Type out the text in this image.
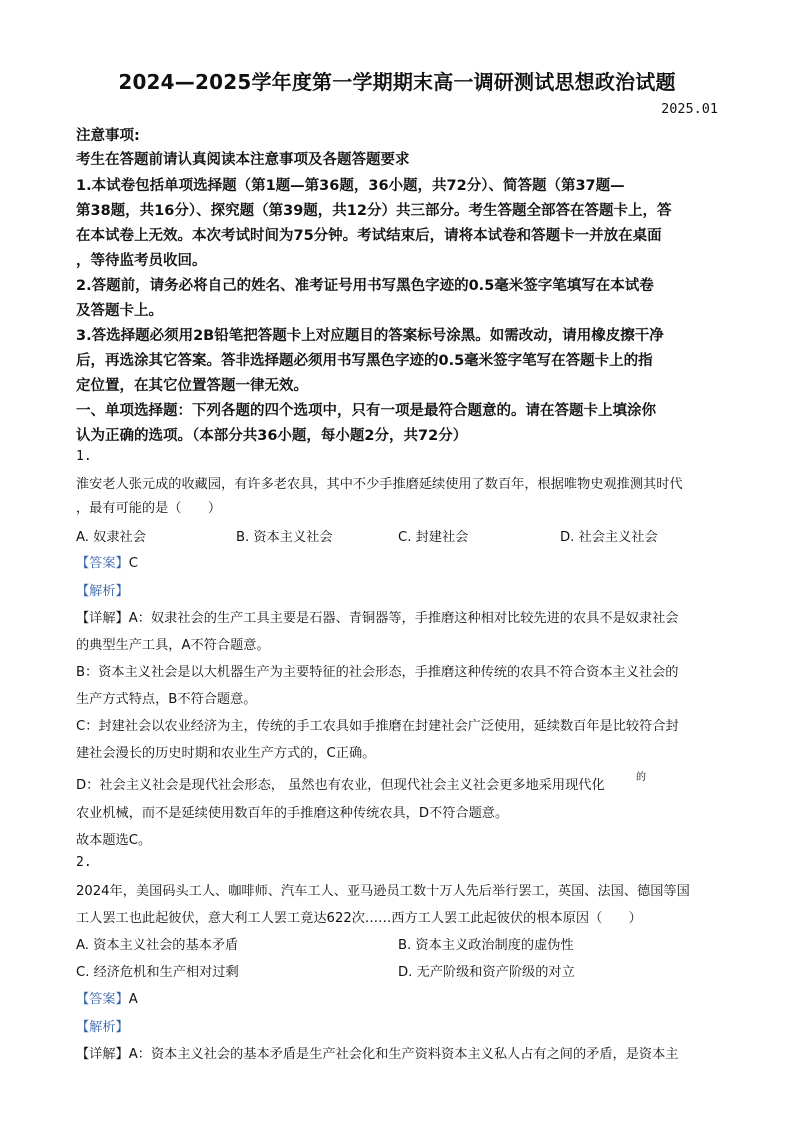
2024—2025学年度第一学期期末高一调研测试思想政治试题
2025.01
注意事项:
考生在答题前请认真阅读本注意事项及各题答题要求
1.本试卷包括单项选择题（第1题—第36题，36小题，共72分）、简答题（第37题—
第38题，共16分）、探究题（第39题，共12分）共三部分。考生答题全部答在答题卡上，答
在本试卷上无效。本次考试时间为75分钟。考试结束后，请将本试卷和答题卡一并放在桌面
，等待监考员收回。
2.答题前，请务必将自己的姓名、准考证号用书写黑色字迹的0.5毫米签字笔填写在本试卷
及答题卡上。
3.答选择题必须用2B铅笔把答题卡上对应题目的答案标号涂黑。如需改动，请用橡皮擦干净
后，再选涂其它答案。答非选择题必须用书写黑色字迹的0.5毫米签字笔写在答题卡上的指
定位置，在其它位置答题一律无效。
一、单项选择题：下列各题的四个选项中，只有一项是最符合题意的。请在答题卡上填涂你
认为正确的选项。（本部分共36小题，每小题2分，共72分）
1.
淮安老人张元成的收藏园，有许多老农具，其中不少手推磨延续使用了数百年，根据唯物史观推测其时代
，最有可能的是（　　）
A. 奴隶社会	B. 资本主义社会	C. 封建社会	D. 社会主义社会
【答案】C
【解析】
【详解】A：奴隶社会的生产工具主要是石器、青铜器等，手推磨这种相对比较先进的农具不是奴隶社会
的典型生产工具，A不符合题意。
B：资本主义社会是以大机器生产为主要特征的社会形态，手推磨这种传统的农具不符合资本主义社会的
生产方式特点，B不符合题意。
C：封建社会以农业经济为主，传统的手工农具如手推磨在封建社会广泛使用，延续数百年是比较符合封
建社会漫长的历史时期和农业生产方式的，C正确。
D：社会主义社会是现代社会形态， 虽然也有农业，但现代社会主义社会更多地采用现代化
的
农业机械，而不是延续使用数百年的手推磨这种传统农具，D不符合题意。
故本题选C。
2.
2024年，美国码头工人、咖啡师、汽车工人、亚马逊员工数十万人先后举行罢工，英国、法国、德国等国
工人罢工也此起彼伏，意大利工人罢工竟达622次……西方工人罢工此起彼伏的根本原因（　　）
A. 资本主义社会的基本矛盾	B. 资本主义政治制度的虚伪性
C. 经济危机和生产相对过剩	D. 无产阶级和资产阶级的对立
【答案】A
【解析】
【详解】A：资本主义社会的基本矛盾是生产社会化和生产资料资本主义私人占有之间的矛盾，是资本主
